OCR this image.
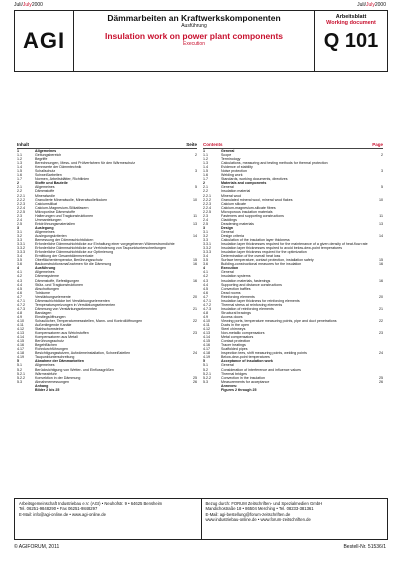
Juli/July2000	Juli/July2000
AGI
Dämmarbeiten an Kraftwerkskomponenten
Ausführung
Insulation work on power plant components
Execution
Arbeitsblatt
Working document
Q 101
Inhalt	Seite
1	Allgemeines
1.1	Geltungsbereich	2
1.2	Begriffe
1.3	Berechnungen, Mess- und Prüfverfahren für den Wärmeschutz
1.4	Kennwerte der Dämmtechnik
1.5	Schallschutz	3
1.6	Schweißarbeiten
1.7	Normen, Arbeitsblätter, Richtlinien
2	Stoffe und Bauteile
2.1	Allgemeines	5
2.2	Dämmstoffe
2.2.1	Mineralwolle
2.2.2	Granulierte Mineralwolle, Mineralwolleflocken	10
2.2.3	Calciumsilikat
2.2.4	Calcium-Magnesium-Silikatfasern
2.2.5	Mikroporöse Dämmstoffe
2.3	Halterungen und Tragkonstruktionen	11
2.4	Ummantelungen
2.5	Entdröhnungsmaterialien	13
3	Auslegung
3.1	Allgemeines
3.2	Auslegungskriterien	14
3.3	Bemessung der Dämmschichtdicken
3.3.1	Erforderliche Dämmschichtdicke zur Einhaltung einer vorgegebenen Wärmestromdichte
3.3.2	Erforderliche Dämmschichtdicke zur Verhinderung von Taupunktunterschreitungen
3.3.3	Erforderliche Dämmschichtdicke zur Optimierung
3.4	Ermittlung der Gesamtdämmverluste
3.5	Oberflächentemperatur, Berührungsschutz	15
3.6	Baukonstruktionsmaßnahmen für die Dämmung	16
4	Ausführung
4.1	Allgemeines
4.2	Dämmsysteme
4.3	Dämmstoffe, Befestigungen	16
4.4	Stütz- und Tragkonstruktionen
4.5	Abschottungen
4.6	Toträume
4.7	Verstärkungselemente	20
4.7.1	Dämmschichtdicke bei Verstärkungselementen
4.7.2	Temperaturspreizungen in Verstärkungselementen
4.7.3	Dämmung von Verstärkungselementen	21
4.8	Bandagen
4.9	Einstiegsöffnungen
4.10	Schaulöcher, Temperaturmessstellen, Mann- und Kontrollöffnungen	22
4.11	Außenliegende Kanäle
4.12	Stahlschornsteine
4.13	Kompensatoren aus Weichstoffen	23
4.14	Kompensatoren aus Metall
4.15	Berührungsschutz
4.16	Begehflächen
4.17	Rohrdurchführungen
4.18	Besichtigungsstutzen, Aufwärmeinstallation, Schweißstellen	24
4.19	Taupunktunterschreitung
5	Abnahme der Dämmarbeiten
5.1	Allgemeines
5.2	Berücksichtigung von Wetter- und Einflussgrößen
5.2.1	Wärmeabfuhr
5.2.2	Konvektion in der Dämmung	25
5.3	Abnahmemessungen	26
Anhang
Bilder 2 bis 25
Contents	Page
1	General
1.1	Scope	2
1.2	Terminology
1.3	Calculations, measuring and testing methods for thermal protection
1.4	Evidence of stability
1.5	Noise protection	3
1.6	Welding work
1.7	Standards, working documents, directives
2	Materials and components
2.1	General	5
2.2	Insulation material
2.2.1	Mineral wool
2.2.2	Granulated mineral wool, mineral wool flakes	10
2.2.3	Calcium silicate
2.2.4	Calcium-magnesium-silicate fibres
2.2.5	Microporous insulation materials
2.3	Fasteners and supporting constructions	11
2.4	Claddings
2.5	Deadening materials	13
3	Design
3.1	General
3.2	Design criteria	14
3.3	Calculation of the insulation layer thickness
3.3.1	Insulation layer thicknesses required for the maintenance of a given density of heat-flow rate
3.3.2	Insulation layer thicknesses required to avoid below-dew-point temperatures
3.3.3	Insulation layer thickness required for the optimization
3.4	Determination of the overall heat loss
3.5	Surface temperature, contact protection, installation safety	15
3.6	Building-constructional measures for the insulation	16
4	Execution
4.1	General
4.2	Insulation systems
4.3	Insulation materials, fastenings	16
4.4	Supporting and distance constructions
4.5	Convection baffles
4.6	Dead rooms
4.7	Reinforcing elements	20
4.7.1	Insulation layer thickness for reinforcing elements
4.7.2	Thermal stress at reinforcing elements
4.7.3	Insulation of reinforcing elements	21
4.8	Structural bracings
4.9	Access doors
4.10	Viewing ports, temperature measuring points, pipe and duct penetrations	22
4.11	Ducts in the open
4.12	Steel chimneys
4.13	Non-metallic compensators	23
4.14	Metal compensators
4.15	Contact protection
4.16	Tracer heatings
4.17	Scaffolded pipes
4.18	Inspection tees, shift measuring points, welding points	24
4.19	Below-dew-point temperatures
5	Acceptance of insulation work
5.1	General
5.2	Consideration of interference and influence values
5.2.1	Thermal bridges
5.2.2	Convection in the insulation	25
5.3	Measurements for acceptance	26
Annexes:
Figures 2 through 25
Arbeitsgemeinschaft Industriebau e.V. (AGI) • Neuhofstr. 9 • 64625 Bensheim
Tel. 06251-9848290 • Fax 06251-9848297
E-Mail: info@agi-online.de • www.agi-online.de
Bezug durch: FORUM Zeitschriften- und Spezialmedien GmbH
Mandichostraße 18 • 86504 Merching • Tel. 08233-381361
E-Mail: agi-bestellung@forum-zeitschriften.de
www.industriebau-online.de • www.forum-zeitschriften.de
© AGIFORUM, 2011	Bestell-Nr. 51536/1
